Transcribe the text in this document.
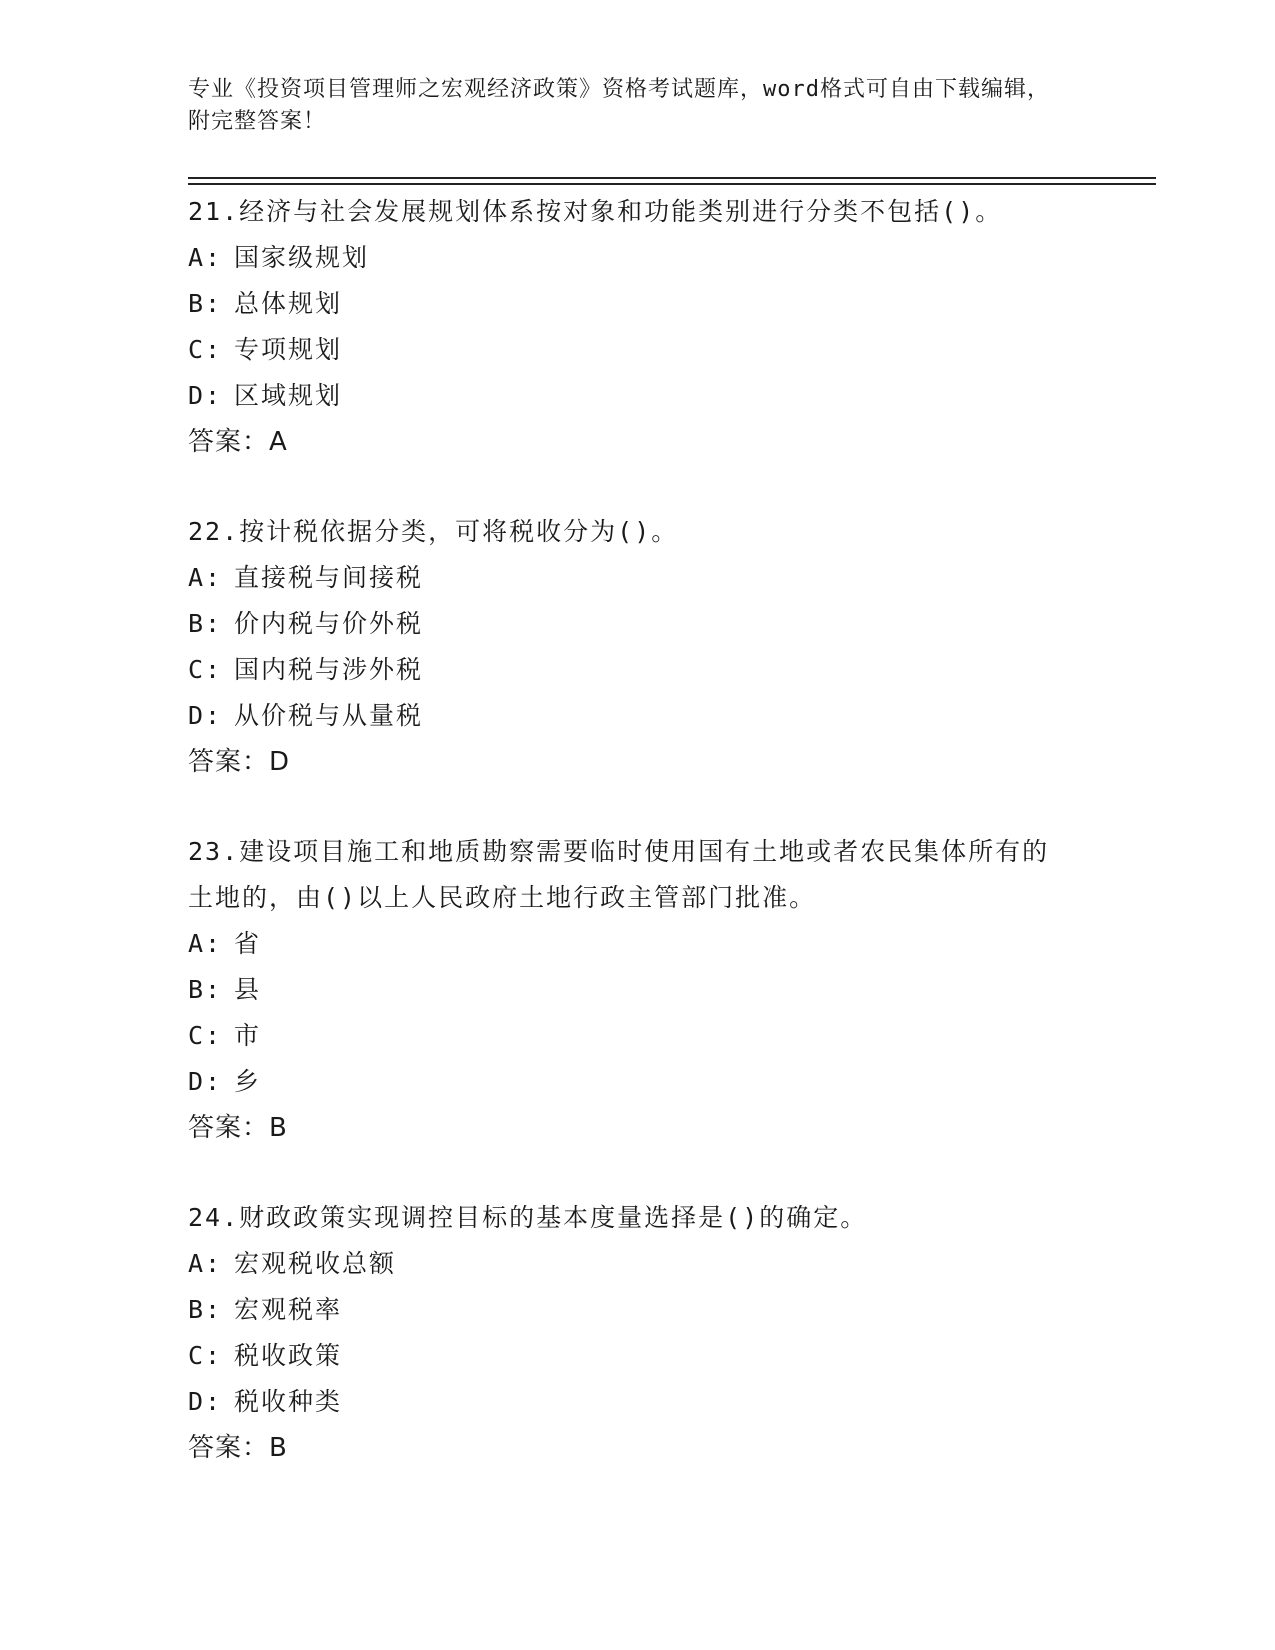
专业《投资项目管理师之宏观经济政策》资格考试题库，word格式可自由下载编辑，附完整答案！
21.经济与社会发展规划体系按对象和功能类别进行分类不包括()。
A: 国家级规划
B: 总体规划
C: 专项规划
D: 区域规划
答案：A
22.按计税依据分类，可将税收分为()。
A: 直接税与间接税
B: 价内税与价外税
C: 国内税与涉外税
D: 从价税与从量税
答案：D
23.建设项目施工和地质勘察需要临时使用国有土地或者农民集体所有的土地的，由()以上人民政府土地行政主管部门批准。
A: 省
B: 县
C: 市
D: 乡
答案：B
24.财政政策实现调控目标的基本度量选择是()的确定。
A: 宏观税收总额
B: 宏观税率
C: 税收政策
D: 税收种类
答案：B
